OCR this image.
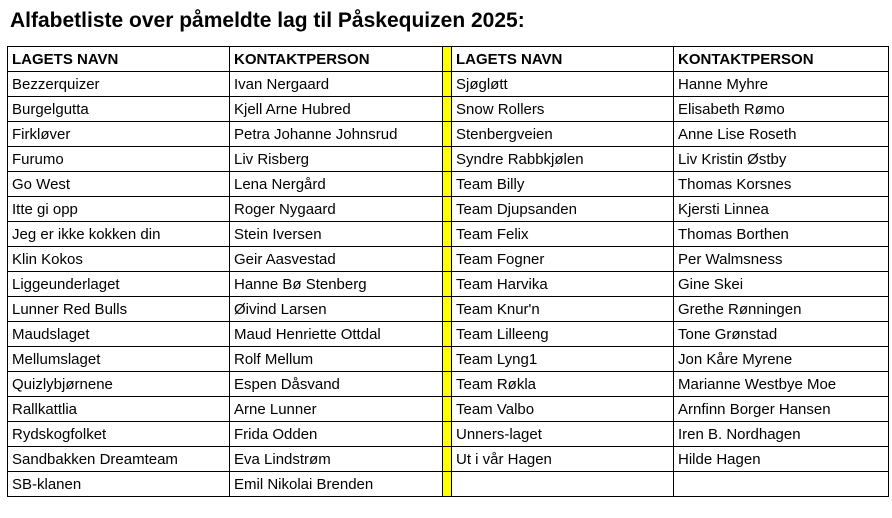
Alfabetliste over påmeldte lag til Påskequizen 2025:
LAGETS NAVN	KONTAKTPERSON		LAGETS NAVN	KONTAKTPERSON
Bezzerquizer	Ivan Nergaard		Sjøgløtt	Hanne Myhre
Burgelgutta	Kjell Arne Hubred		Snow Rollers	Elisabeth Rømo
Firkløver	Petra Johanne Johnsrud		Stenbergveien	Anne Lise Roseth
Furumo	Liv Risberg		Syndre Rabbkjølen	Liv Kristin Østby
Go West	Lena Nergård		Team Billy	Thomas Korsnes
Itte gi opp	Roger Nygaard		Team Djupsanden	Kjersti Linnea
Jeg er ikke kokken din	Stein Iversen		Team Felix	Thomas Borthen
Klin Kokos	Geir Aasvestad		Team Fogner	Per Walmsness
Liggeunderlaget	Hanne Bø Stenberg		Team Harvika	Gine Skei
Lunner Red Bulls	Øivind Larsen		Team Knur'n	Grethe Rønningen
Maudslaget	Maud Henriette Ottdal		Team Lilleeng	Tone Grønstad
Mellumslaget	Rolf Mellum		Team Lyng1	Jon Kåre Myrene
Quizlybjørnene	Espen Dåsvand		Team Røkla	Marianne Westbye Moe
Rallkattlia	Arne Lunner		Team Valbo	Arnfinn Borger Hansen
Rydskogfolket	Frida Odden		Unners-laget	Iren B. Nordhagen
Sandbakken Dreamteam	Eva Lindstrøm		Ut i vår Hagen	Hilde Hagen
SB-klanen	Emil Nikolai Brenden			
